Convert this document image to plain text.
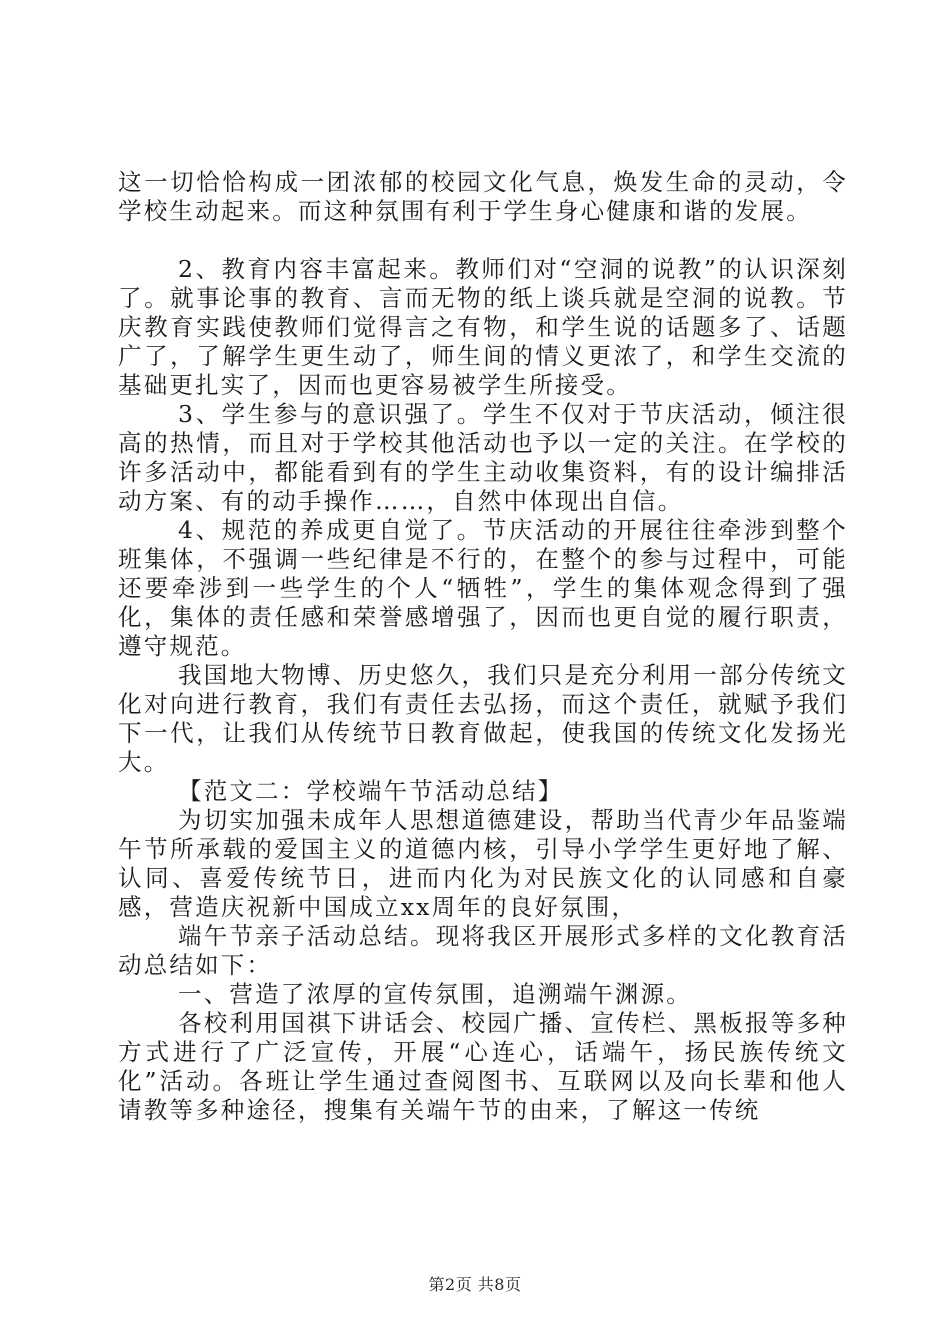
这一切恰恰构成一团浓郁的校园文化气息，焕发生命的灵动，令学校生动起来。而这种氛围有利于学生身心健康和谐的发展。

2、教育内容丰富起来。教师们对“空洞的说教”的认识深刻了。就事论事的教育、言而无物的纸上谈兵就是空洞的说教。节庆教育实践使教师们觉得言之有物，和学生说的话题多了、话题广了，了解学生更生动了，师生间的情义更浓了，和学生交流的基础更扎实了，因而也更容易被学生所接受。

3、学生参与的意识强了。学生不仅对于节庆活动，倾注很高的热情，而且对于学校其他活动也予以一定的关注。在学校的许多活动中，都能看到有的学生主动收集资料，有的设计编排活动方案、有的动手操作……，自然中体现出自信。

4、规范的养成更自觉了。节庆活动的开展往往牵涉到整个班集体，不强调一些纪律是不行的，在整个的参与过程中，可能还要牵涉到一些学生的个人“牺牲”，学生的集体观念得到了强化，集体的责任感和荣誉感增强了，因而也更自觉的履行职责，遵守规范。

我国地大物博、历史悠久，我们只是充分利用一部分传统文化对向进行教育，我们有责任去弘扬，而这个责任，就赋予我们下一代，让我们从传统节日教育做起，使我国的传统文化发扬光大。

【范文二：学校端午节活动总结】

为切实加强未成年人思想道德建设，帮助当代青少年品鉴端午节所承载的爱国主义的道德内核，引导小学学生更好地了解、认同、喜爱传统节日，进而内化为对民族文化的认同感和自豪感，营造庆祝新中国成立xx周年的良好氛围，

端午节亲子活动总结。现将我区开展形式多样的文化教育活动总结如下：

一、营造了浓厚的宣传氛围，追溯端午渊源。

各校利用国祺下讲话会、校园广播、宣传栏、黑板报等多种方式进行了广泛宣传，开展“心连心，话端午，扬民族传统文化”活动。各班让学生通过查阅图书、互联网以及向长辈和他人请教等多种途径，搜集有关端午节的由来，了解这一传统

第2页 共8页
